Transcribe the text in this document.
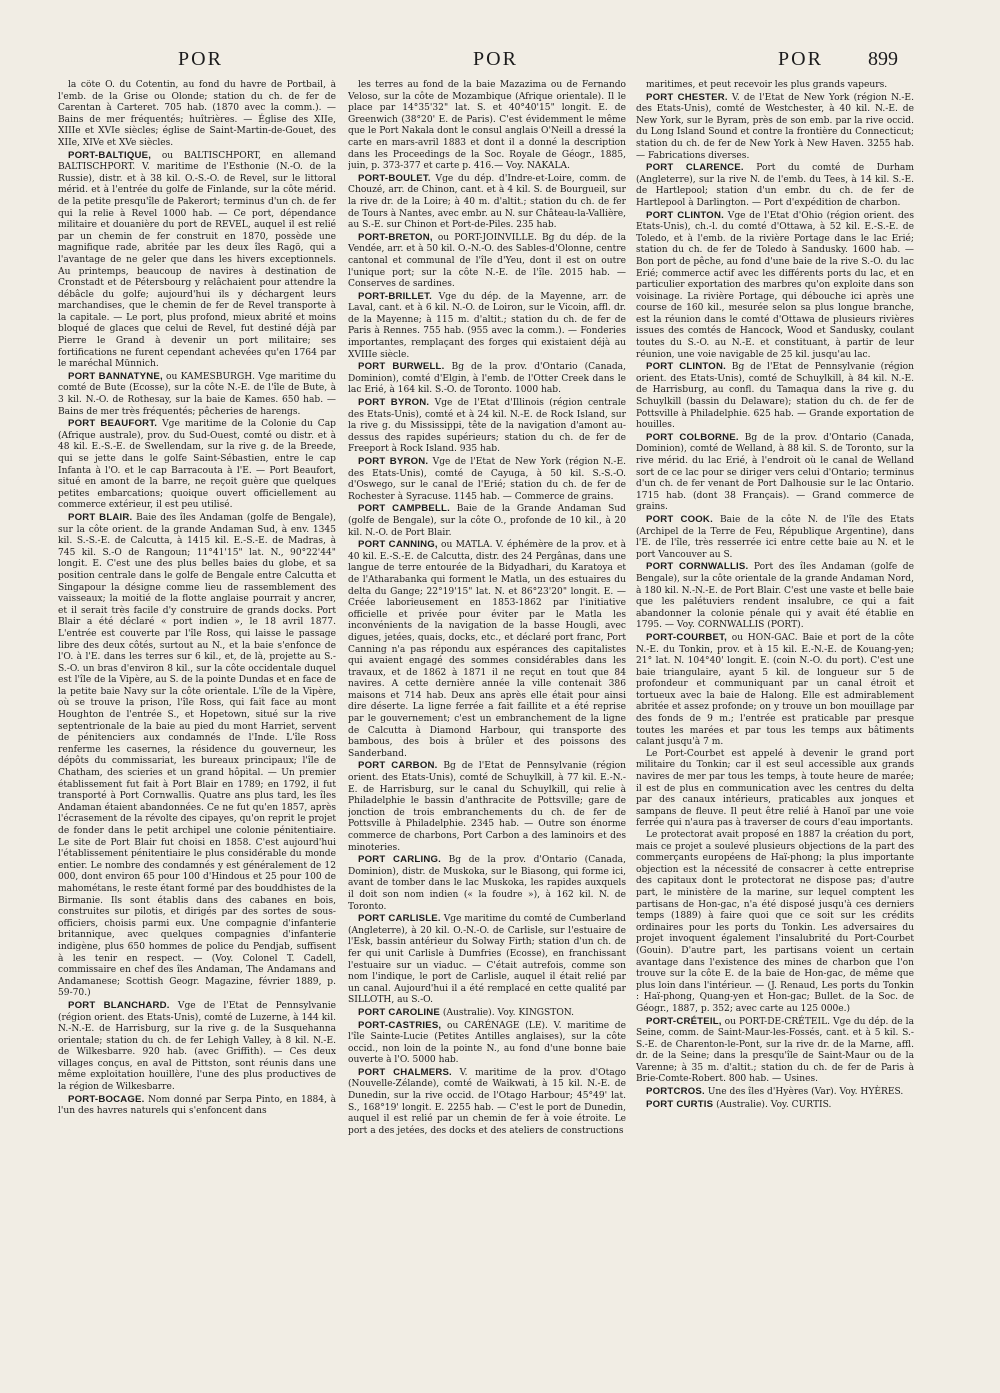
POR	POR	POR 899

la côte O. du Cotentin, au fond du havre de Portbail, à l'emb. de la Grise ou Olonde; station du ch. de fer de Carentan à Carteret. 705 hab. (1870 avec la comm.). — Bains de mer fréquentés; huîtrières. — Église des XIIe, XIIIe et XVIe siècles; église de Saint-Martin-de-Gouet, des XIIe, XIVe et XVe siècles.

PORT-BALTIQUE, ou BALTISCHPORT, en allemand BALTISCHPORT. V. maritime de l'Esthonie (N.-O. de la Russie), distr. et à 38 kil. O.-S.-O. de Revel, sur le littoral mérid. et à l'entrée du golfe de Finlande, sur la côte mérid. de la petite presqu'île de Pakerort; terminus d'un ch. de fer qui la relie à Revel 1000 hab. — Ce port, dépendance militaire et douanière du port de REVEL, auquel il est relié par un chemin de fer construit en 1870, possède une magnifique rade, abritée par les deux îles Ragö, qui a l'avantage de ne geler que dans les hivers exceptionnels. Au printemps, beaucoup de navires à destination de Cronstadt et de Pétersbourg y relâchaient pour attendre la débâcle du golfe; aujourd'hui ils y déchargent leurs marchandises, que le chemin de fer de Revel transporte à la capitale. — Le port, plus profond, mieux abrité et moins bloqué de glaces que celui de Revel, fut destiné déjà par Pierre le Grand à devenir un port militaire; ses fortifications ne furent cependant achevées qu'en 1764 par le maréchal Münnich.

PORT BANNATYNE, ou KAMESBURGH. Vge maritime du comté de Bute (Ecosse), sur la côte N.-E. de l'île de Bute, à 3 kil. N.-O. de Rothesay, sur la baie de Kames. 650 hab. — Bains de mer très fréquentés; pêcheries de harengs.

PORT BEAUFORT. Vge maritime de la Colonie du Cap (Afrique australe), prov. du Sud-Ouest, comté ou distr. et à 48 kil. E.-S.-E. de Swellendam, sur la rive g. de la Breede, qui se jette dans le golfe Saint-Sébastien, entre le cap Infanta à l'O. et le cap Barracouta à l'E. — Port Beaufort, situé en amont de la barre, ne reçoit guère que quelques petites embarcations; quoique ouvert officiellement au commerce extérieur, il est peu utilisé.

PORT BLAIR. Baie des îles Andaman (golfe de Bengale), sur la côte orient. de la grande Andaman Sud, à env. 1345 kil. S.-S.-E. de Calcutta, à 1415 kil. E.-S.-E. de Madras, à 745 kil. S.-O de Rangoun; 11°41'15" lat. N., 90°22'44" longit. E. C'est une des plus belles baies du globe, et sa position centrale dans le golfe de Bengale entre Calcutta et Singapour la désigne comme lieu de rassemblement des vaisseaux; la moitié de la flotte anglaise pourrait y ancrer, et il serait très facile d'y construire de grands docks. Port Blair a été déclaré « port indien », le 18 avril 1877. L'entrée est couverte par l'île Ross, qui laisse le passage libre des deux côtés, surtout au N., et la baie s'enfonce de l'O. à l'E. dans les terres sur 6 kil., et, de là, projette au S.-S.-O. un bras d'environ 8 kil., sur la côte occidentale duquel est l'île de la Vipère, au S. de la pointe Dundas et en face de la petite baie Navy sur la côte orientale. L'île de la Vipère, où se trouve la prison, l'île Ross, qui fait face au mont Houghton de l'entrée S., et Hopetown, situé sur la rive septentrionale de la baie au pied du mont Harriet, servent de pénitenciers aux condamnés de l'Inde. L'île Ross renferme les casernes, la résidence du gouverneur, les dépôts du commissariat, les bureaux principaux; l'île de Chatham, des scieries et un grand hôpital. — Un premier établissement fut fait à Port Blair en 1789; en 1792, il fut transporté à Port Cornwallis. Quatre ans plus tard, les îles Andaman étaient abandonnées. Ce ne fut qu'en 1857, après l'écrasement de la révolte des cipayes, qu'on reprit le projet de fonder dans le petit archipel une colonie pénitentiaire. Le site de Port Blair fut choisi en 1858. C'est aujourd'hui l'établissement pénitentiaire le plus considérable du monde entier. Le nombre des condamnés y est généralement de 12 000, dont environ 65 pour 100 d'Hindous et 25 pour 100 de mahométans, le reste étant formé par des bouddhistes de la Birmanie. Ils sont établis dans des cabanes en bois, construites sur pilotis, et dirigés par des sortes de sous-officiers, choisis parmi eux. Une compagnie d'infanterie britannique, avec quelques compagnies d'infanterie indigène, plus 650 hommes de police du Pendjab, suffisent à les tenir en respect. — (Voy. Colonel T. Cadell, commissaire en chef des îles Andaman, The Andamans and Andamanese; Scottish Geogr. Magazine, février 1889, p. 59-70.)

PORT BLANCHARD. Vge de l'Etat de Pennsylvanie (région orient. des Etats-Unis), comté de Luzerne, à 144 kil. N.-N.-E. de Harrisburg, sur la rive g. de la Susquehanna orientale; station du ch. de fer Lehigh Valley, à 8 kil. N.-E. de Wilkesbarre. 920 hab. (avec Griffith). — Ces deux villages conçus, en aval de Pittston, sont réunis dans une même exploitation houillère, l'une des plus productives de la région de Wilkesbarre.

PORT-BOCAGE. Nom donné par Serpa Pinto, en 1884, à l'un des havres naturels qui s'enfoncent dans

les terres au fond de la baie Mazazima ou de Fernando Veloso, sur la côte de Mozambique (Afrique orientale). Il le place par 14°35'32" lat. S. et 40°40'15" longit. E. de Greenwich (38°20' E. de Paris). C'est évidemment le même que le Port Nakala dont le consul anglais O'Neill a dressé la carte en mars-avril 1883 et dont il a donné la description dans les Proceedings de la Soc. Royale de Géogr., 1885, juin, p. 373-377 et carte p. 416.— Voy. NAKALA.

PORT-BOULET. Vge du dép. d'Indre-et-Loire, comm. de Chouzé, arr. de Chinon, cant. et à 4 kil. S. de Bourgueil, sur la rive dr. de la Loire; à 40 m. d'altit.; station du ch. de fer de Tours à Nantes, avec embr. au N. sur Château-la-Vallière, au S.-E. sur Chinon et Port-de-Piles. 235 hab.

PORT-BRETON, ou PORT-JOINVILLE. Bg du dép. de la Vendée, arr. et à 50 kil. O.-N.-O. des Sables-d'Olonne, centre cantonal et communal de l'île d'Yeu, dont il est on outre l'unique port; sur la côte N.-E. de l'île. 2015 hab. — Conserves de sardines.

PORT-BRILLET. Vge du dép. de la Mayenne, arr. de Laval, cant. et à 6 kil. N.-O. de Loiron, sur le Vicoin, affl. dr. de la Mayenne; à 115 m. d'altit.; station du ch. de fer de Paris à Rennes. 755 hab. (955 avec la comm.). — Fonderies importantes, remplaçant des forges qui existaient déjà au XVIIIe siècle.

PORT BURWELL. Bg de la prov. d'Ontario (Canada, Dominion), comté d'Elgin, à l'emb. de l'Otter Creek dans le lac Erié, à 164 kil. S.-O. de Toronto. 1000 hab.

PORT BYRON. Vge de l'Etat d'Illinois (région centrale des Etats-Unis), comté et à 24 kil. N.-E. de Rock Island, sur la rive g. du Mississippi, tête de la navigation d'amont au-dessus des rapides supérieurs; station du ch. de fer de Freeport à Rock Island. 935 hab.

PORT BYRON. Vge de l'Etat de New York (région N.-E. des Etats-Unis), comté de Cayuga, à 50 kil. S.-S.-O. d'Oswego, sur le canal de l'Erié; station du ch. de fer de Rochester à Syracuse. 1145 hab. — Commerce de grains.

PORT CAMPBELL. Baie de la Grande Andaman Sud (golfe de Bengale), sur la côte O., profonde de 10 kil., à 20 kil. N.-O. de Port Blair.

PORT CANNING, ou MATLA. V. éphémère de la prov. et à 40 kil. E.-S.-E. de Calcutta, distr. des 24 Pergânas, dans une langue de terre entourée de la Bidyadhari, du Karatoya et de l'Atharabanka qui forment le Matla, un des estuaires du delta du Gange; 22°19'15" lat. N. et 86°23'20" longit. E. — Créée laborieusement en 1853-1862 par l'initiative officielle et privée pour éviter par le Matla les inconvénients de la navigation de la basse Hougli, avec digues, jetées, quais, docks, etc., et déclaré port franc, Port Canning n'a pas répondu aux espérances des capitalistes qui avaient engagé des sommes considérables dans les travaux, et de 1862 à 1871 il ne reçut en tout que 84 navires. A cette dernière année la ville contenait 386 maisons et 714 hab. Deux ans après elle était pour ainsi dire déserte. La ligne ferrée a fait faillite et a été reprise par le gouvernement; c'est un embranchement de la ligne de Calcutta à Diamond Harbour, qui transporte des bambous, des bois à brûler et des poissons des Sanderband.

PORT CARBON. Bg de l'Etat de Pennsylvanie (région orient. des Etats-Unis), comté de Schuylkill, à 77 kil. E.-N.-E. de Harrisburg, sur le canal du Schuylkill, qui relie à Philadelphie le bassin d'anthracite de Pottsville; gare de jonction de trois embranchements du ch. de fer de Pottsville à Philadelphie. 2345 hab. — Outre son énorme commerce de charbons, Port Carbon a des laminoirs et des minoteries.

PORT CARLING. Bg de la prov. d'Ontario (Canada, Dominion), distr. de Muskoka, sur le Biasong, qui forme ici, avant de tomber dans le lac Muskoka, les rapides auxquels il doit son nom indien (« la foudre »), à 162 kil. N. de Toronto.

PORT CARLISLE. Vge maritime du comté de Cumberland (Angleterre), à 20 kil. O.-N.-O. de Carlisle, sur l'estuaire de l'Esk, bassin antérieur du Solway Firth; station d'un ch. de fer qui unit Carlisle à Dumfries (Ecosse), en franchissant l'estuaire sur un viaduc. — C'était autrefois, comme son nom l'indique, le port de Carlisle, auquel il était relié par un canal. Aujourd'hui il a été remplacé en cette qualité par SILLOTH, au S.-O.

PORT CAROLINE (Australie). Voy. KINGSTON.

PORT-CASTRIES, ou CARÉNAGE (LE). V. maritime de l'île Sainte-Lucie (Petites Antilles anglaises), sur la côte occid., non loin de la pointe N., au fond d'une bonne baie ouverte à l'O. 5000 hab.

PORT CHALMERS. V. maritime de la prov. d'Otago (Nouvelle-Zélande), comté de Waikwati, à 15 kil. N.-E. de Dunedin, sur la rive occid. de l'Otago Harbour; 45°49' lat. S., 168°19' longit. E. 2255 hab. — C'est le port de Dunedin, auquel il est relié par un chemin de fer à voie étroite. Le port a des jetées, des docks et des ateliers de constructions

maritimes, et peut recevoir les plus grands vapeurs.

PORT CHESTER. V. de l'Etat de New York (région N.-E. des Etats-Unis), comté de Westchester, à 40 kil. N.-E. de New York, sur le Byram, près de son emb. par la rive occid. du Long Island Sound et contre la frontière du Connecticut; station du ch. de fer de New York à New Haven. 3255 hab. — Fabrications diverses.

PORT CLARENCE. Port du comté de Durham (Angleterre), sur la rive N. de l'emb. du Tees, à 14 kil. S.-E. de Hartlepool; station d'un embr. du ch. de fer de Hartlepool à Darlington. — Port d'expédition de charbon.

PORT CLINTON. Vge de l'Etat d'Ohio (région orient. des Etats-Unis), ch.-l. du comté d'Ottawa, à 52 kil. E.-S.-E. de Toledo, et à l'emb. de la rivière Portage dans le lac Erié; station du ch. de fer de Toledo à Sandusky. 1600 hab. — Bon port de pêche, au fond d'une baie de la rive S.-O. du lac Erié; commerce actif avec les différents ports du lac, et en particulier exportation des marbres qu'on exploite dans son voisinage. La rivière Portage, qui débouche ici après une course de 160 kil., mesurée selon sa plus longue branche, est la réunion dans le comté d'Ottawa de plusieurs rivières issues des comtés de Hancock, Wood et Sandusky, coulant toutes du S.-O. au N.-E. et constituant, à partir de leur réunion, une voie navigable de 25 kil. jusqu'au lac.

PORT CLINTON. Bg de l'Etat de Pennsylvanie (région orient. des Etats-Unis), comté de Schuylkill, à 84 kil. N.-E. de Harrisburg, au confl. du Tamaqua dans la rive g. du Schuylkill (bassin du Delaware); station du ch. de fer de Pottsville à Philadelphie. 625 hab. — Grande exportation de houilles.

PORT COLBORNE. Bg de la prov. d'Ontario (Canada, Dominion), comté de Welland, à 88 kil. S. de Toronto, sur la rive mérid. du lac Erié, à l'endroit où le canal de Welland sort de ce lac pour se diriger vers celui d'Ontario; terminus d'un ch. de fer venant de Port Dalhousie sur le lac Ontario. 1715 hab. (dont 38 Français). — Grand commerce de grains.

PORT COOK. Baie de la côte N. de l'île des Etats (Archipel de la Terre de Feu, République Argentine), dans l'E. de l'île, très resserrée ici entre cette baie au N. et le port Vancouver au S.

PORT CORNWALLIS. Port des îles Andaman (golfe de Bengale), sur la côte orientale de la grande Andaman Nord, à 180 kil. N.-N.-E. de Port Blair. C'est une vaste et belle baie que les palétuviers rendent insalubre, ce qui a fait abandonner la colonie pénale qui y avait été établie en 1795. — Voy. CORNWALLIS (PORT).

PORT-COURBET, ou HON-GAC. Baie et port de la côte N.-E. du Tonkin, prov. et à 15 kil. E.-N.-E. de Kouang-yen; 21° lat. N. 104°40' longit. E. (coin N.-O. du port). C'est une baie triangulaire, ayant 5 kil. de longueur sur 5 de profondeur et communiquant par un canal étroit et tortueux avec la baie de Halong. Elle est admirablement abritée et assez profonde; on y trouve un bon mouillage par des fonds de 9 m.; l'entrée est praticable par presque toutes les marées et par tous les temps aux bâtiments calant jusqu'à 7 m.

Le Port-Courbet est appelé à devenir le grand port militaire du Tonkin; car il est seul accessible aux grands navires de mer par tous les temps, à toute heure de marée; il est de plus en communication avec les centres du delta par des canaux intérieurs, praticables aux jonques et sampans de fleuve. Il peut être relié à Hanoï par une voie ferrée qui n'aura pas à traverser de cours d'eau importants.

Le protectorat avait proposé en 1887 la création du port, mais ce projet a soulevé plusieurs objections de la part des commerçants européens de Haï-phong; la plus importante objection est la nécessité de consacrer à cette entreprise des capitaux dont le protectorat ne dispose pas; d'autre part, le ministère de la marine, sur lequel comptent les partisans de Hon-gac, n'a été disposé jusqu'à ces derniers temps (1889) à faire quoi que ce soit sur les crédits ordinaires pour les ports du Tonkin. Les adversaires du projet invoquent également l'insalubrité du Port-Courbet (Gouin). D'autre part, les partisans voient un certain avantage dans l'existence des mines de charbon que l'on trouve sur la côte E. de la baie de Hon-gac, de même que plus loin dans l'intérieur. — (J. Renaud, Les ports du Tonkin : Haï-phong, Quang-yen et Hon-gac; Bullet. de la Soc. de Géogr., 1887, p. 352; avec carte au 125 000e.)

PORT-CRÉTEIL, ou PORT-DE-CRÉTEIL. Vge du dép. de la Seine, comm. de Saint-Maur-les-Fossés, cant. et à 5 kil. S.-S.-E. de Charenton-le-Pont, sur la rive dr. de la Marne, affl. dr. de la Seine; dans la presqu'île de Saint-Maur ou de la Varenne; à 35 m. d'altit.; station du ch. de fer de Paris à Brie-Comte-Robert. 800 hab. — Usines.

PORTCROS. Une des îles d'Hyères (Var). Voy. HYÈRES.

PORT CURTIS (Australie). Voy. CURTIS.
